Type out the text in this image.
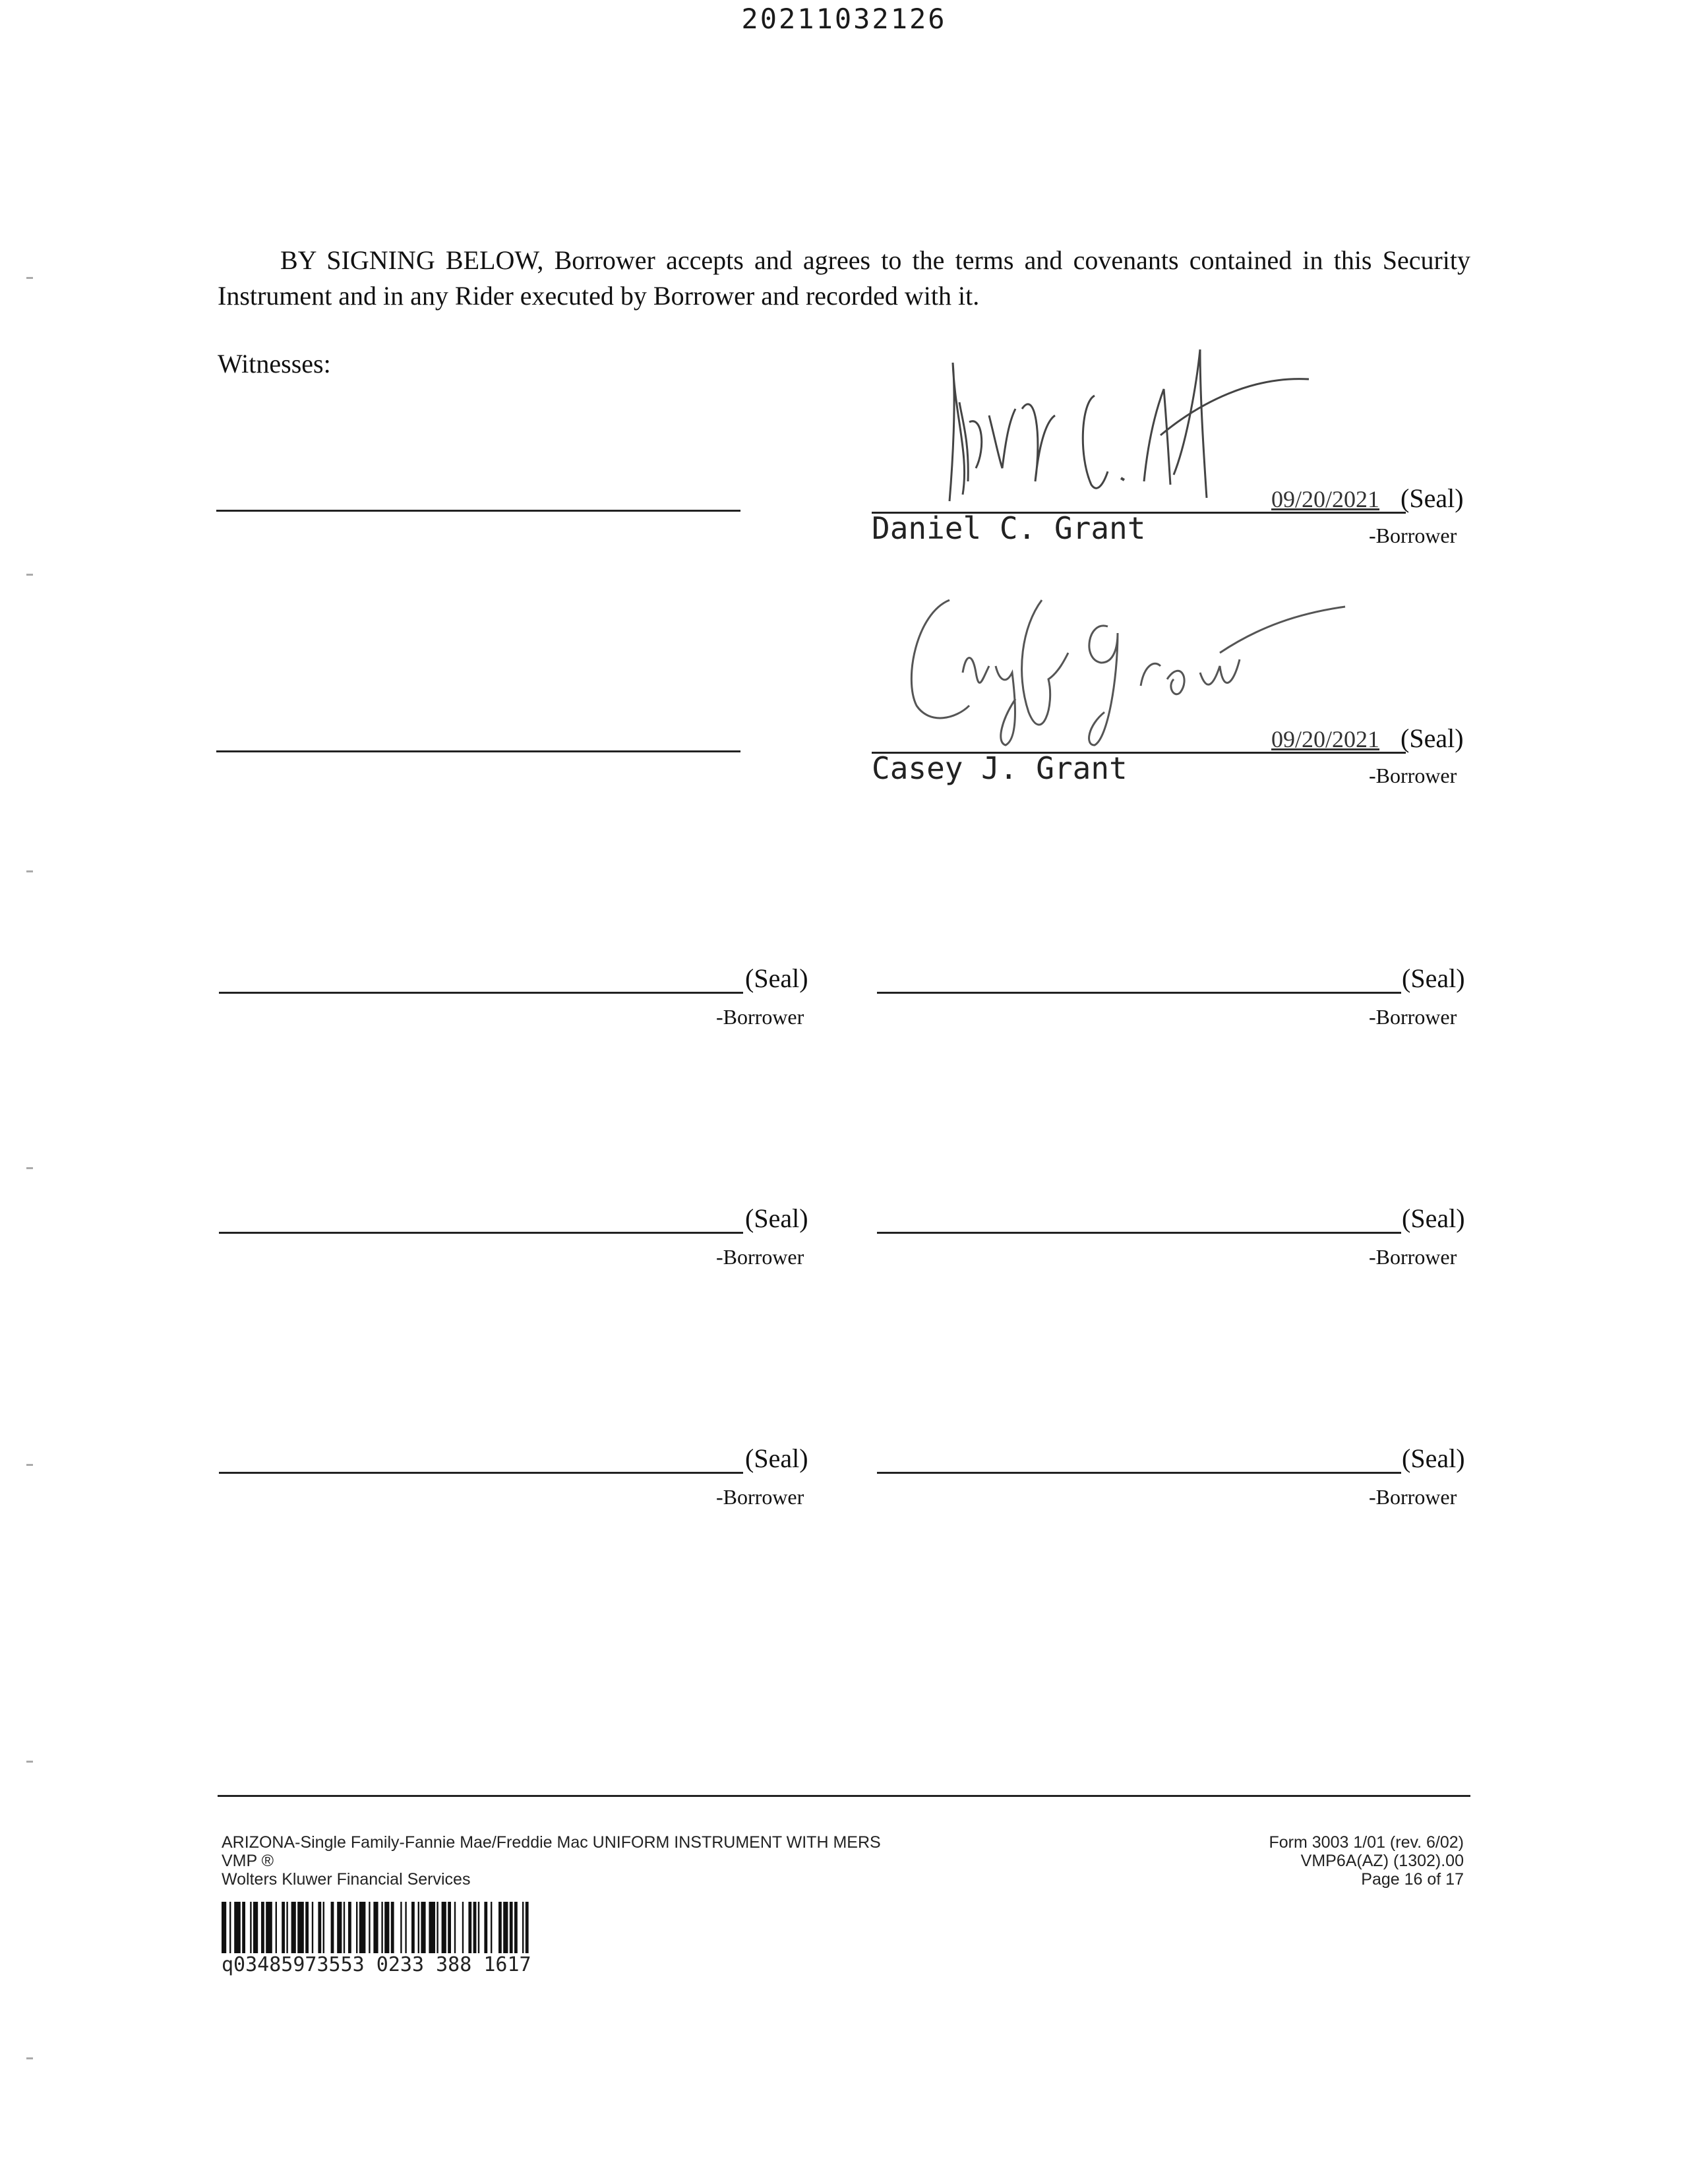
20211032126
BY SIGNING BELOW, Borrower accepts and agrees to the terms and covenants contained in this Security Instrument and in any Rider executed by Borrower and recorded with it.
Witnesses:
09/20/2021 (Seal)
Daniel C. Grant	-Borrower
09/20/2021 (Seal)
Casey J. Grant	-Borrower
(Seal)
-Borrower
(Seal)
-Borrower
(Seal)
-Borrower
(Seal)
-Borrower
(Seal)
-Borrower
(Seal)
-Borrower
ARIZONA-Single Family-Fannie Mae/Freddie Mac UNIFORM INSTRUMENT WITH MERS
VMP ®
Wolters Kluwer Financial Services
Form 3003 1/01 (rev. 6/02)
VMP6A(AZ) (1302).00
Page 16 of 17
q03485973553 0233 388 1617
